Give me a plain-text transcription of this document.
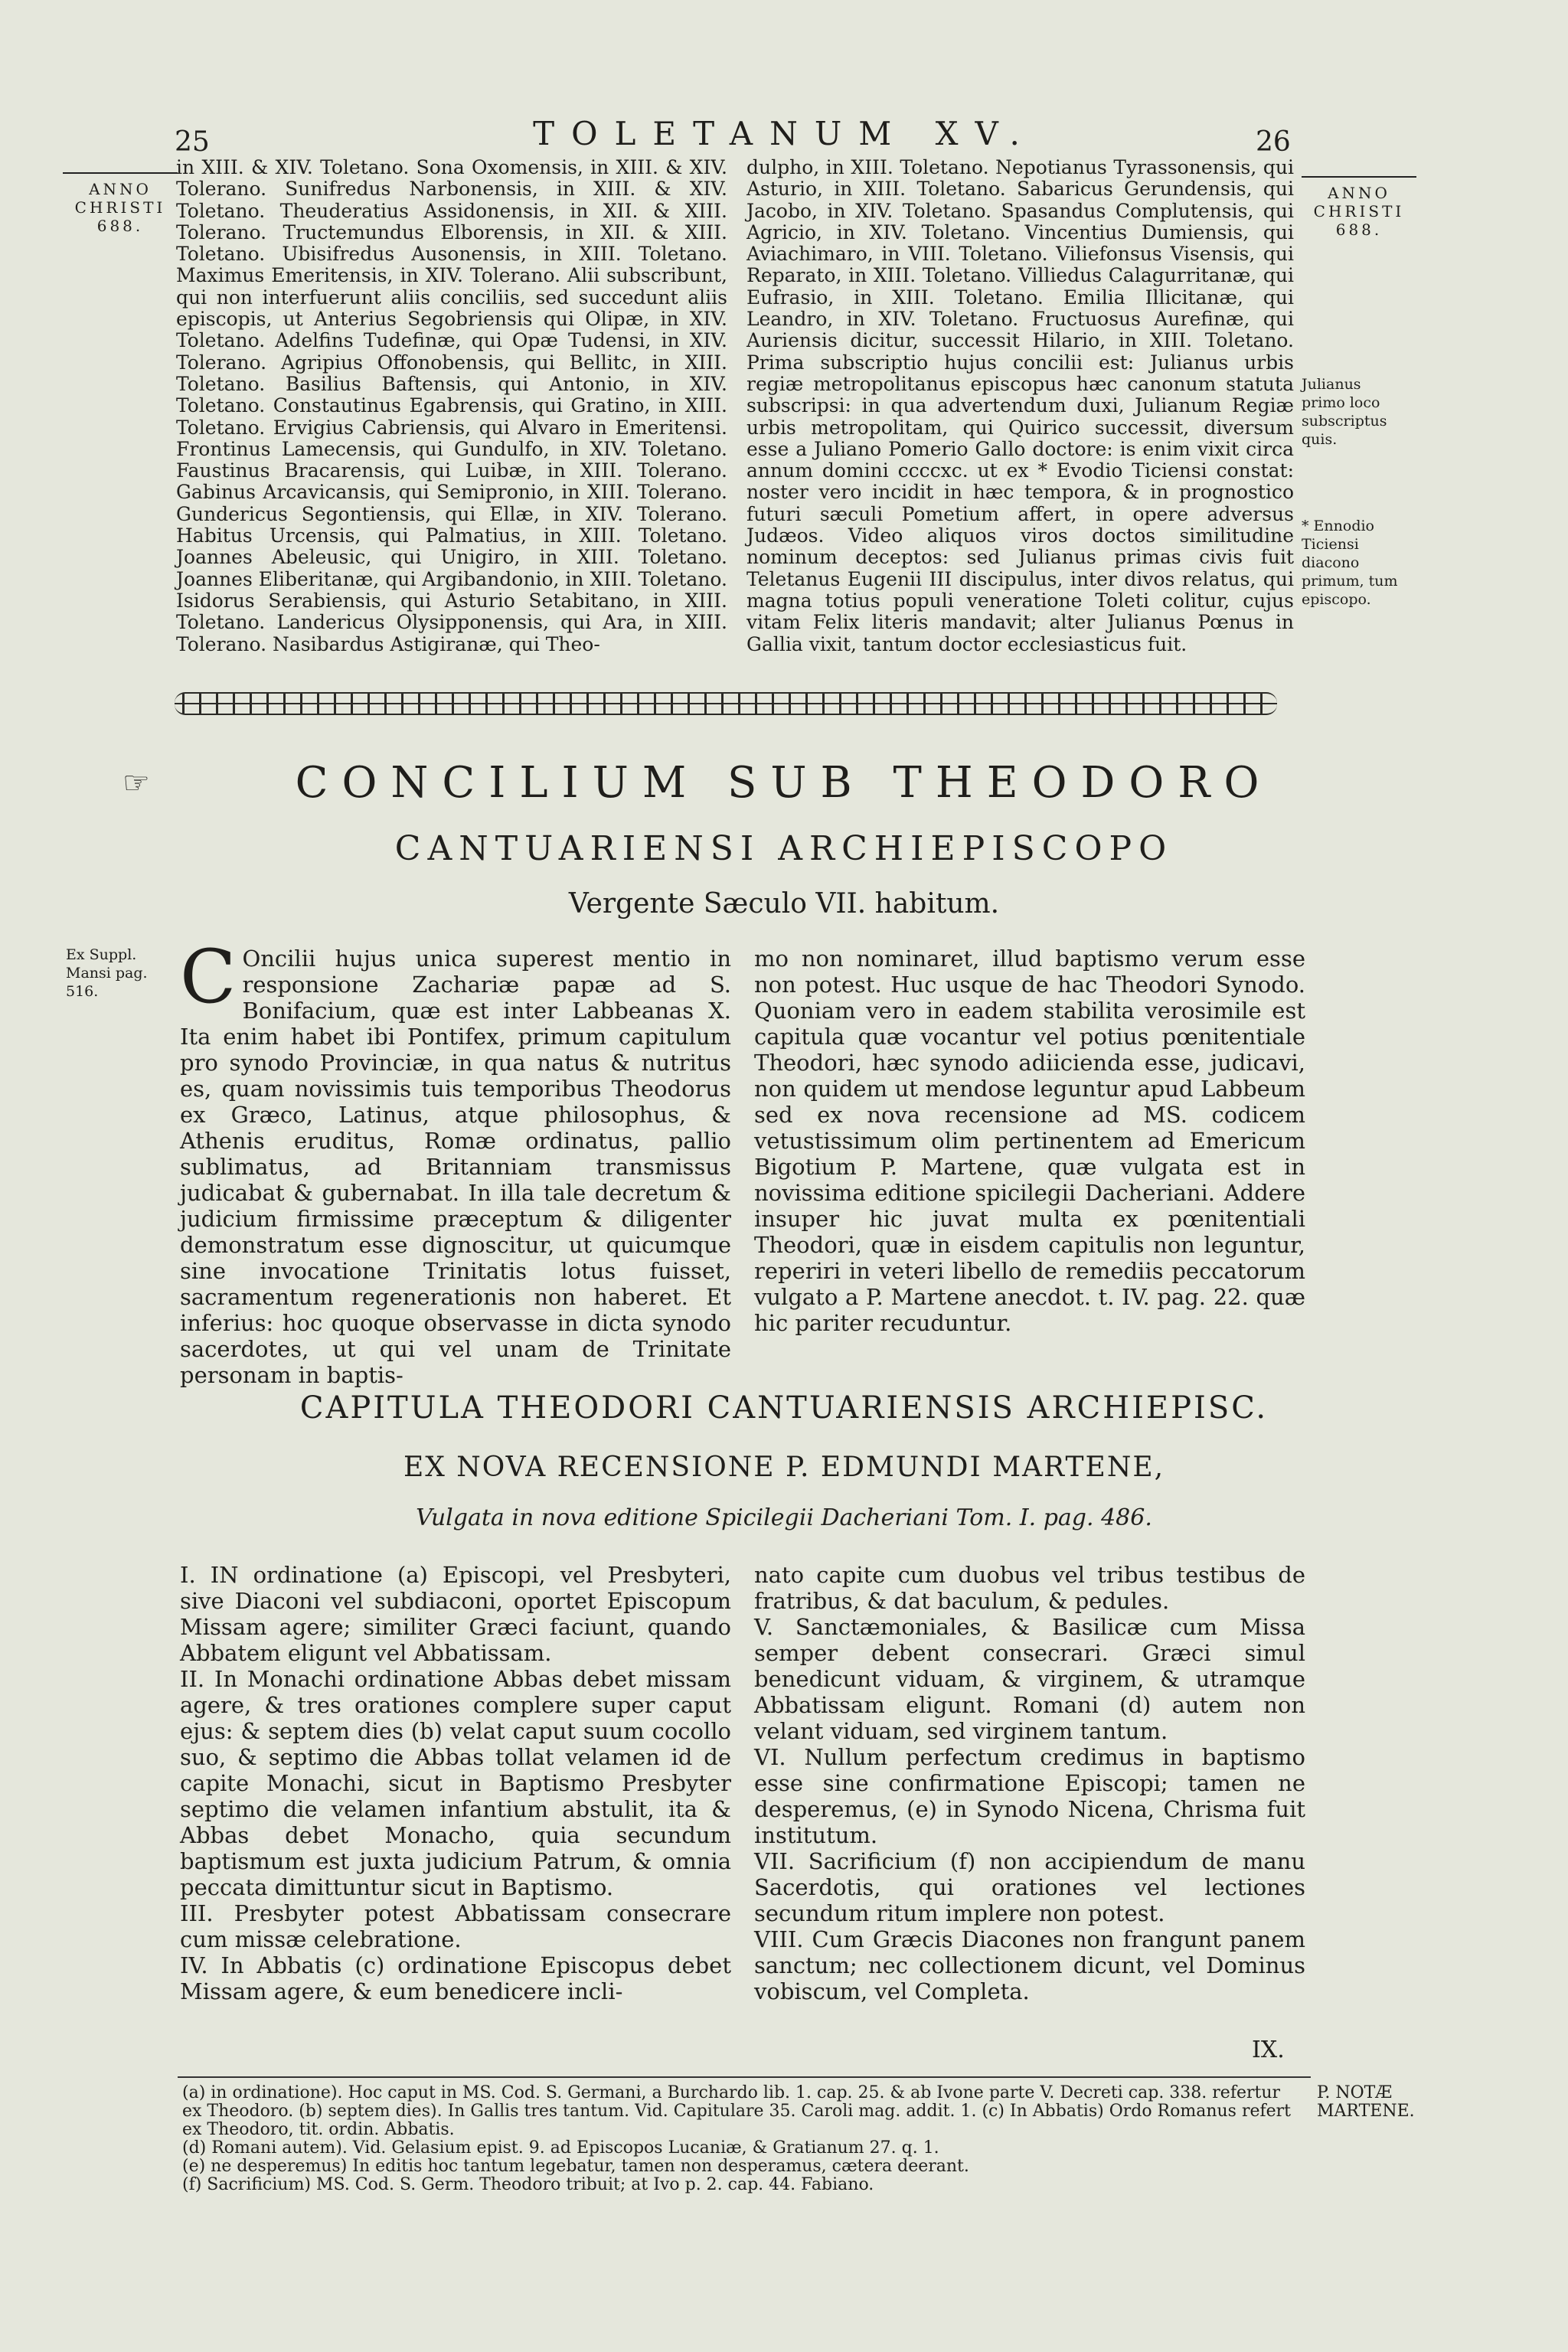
25	TOLETANUM XV.	26
ANNO
CHRISTI
688.
ANNO
CHRISTI
688.

in XIII. & XIV. Toletano. Sona Oxomensis, in XIII. & XIV. Tolerano. Sunifredus Narbonensis, in XIII. & XIV. Toletano. Theuderatius Assidonensis, in XII. & XIII. Tolerano. Tructemundus Elborensis, in XII. & XIII. Toletano. Ubisifredus Ausonensis, in XIII. Toletano. Maximus Emeritensis, in XIV. Tolerano. Alii subscribunt, qui non interfuerunt aliis conciliis, sed succedunt aliis episcopis, ut Anterius Segobriensis qui Olipæ, in XIV. Toletano. Adelfins Tudefinæ, qui Opæ Tudensi, in XIV. Tolerano. Agripius Offonobensis, qui Bellitc, in XIII. Toletano. Basilius Baftensis, qui Antonio, in XIV. Toletano. Constautinus Egabrensis, qui Gratino, in XIII. Toletano. Ervigius Cabriensis, qui Alvaro in Emeritensi. Frontinus Lamecensis, qui Gundulfo, in XIV. Toletano. Faustinus Bracarensis, qui Luibæ, in XIII. Tolerano. Gabinus Arcavicansis, qui Semipronio, in XIII. Tolerano. Gundericus Segontiensis, qui Ellæ, in XIV. Tolerano. Habitus Urcensis, qui Palmatius, in XIII. Toletano. Joannes Abeleusic, qui Unigiro, in XIII. Toletano. Joannes Eliberitanæ, qui Argibandonio, in XIII. Toletano. Isidorus Serabiensis, qui Asturio Setabitano, in XIII. Toletano. Landericus Olysipponensis, qui Ara, in XIII. Tolerano. Nasibardus Astigiranæ, qui Theo-

dulpho, in XIII. Toletano. Nepotianus Tyrassonensis, qui Asturio, in XIII. Toletano. Sabaricus Gerundensis, qui Jacobo, in XIV. Toletano. Spasandus Complutensis, qui Agricio, in XIV. Toletano. Vincentius Dumiensis, qui Aviachimaro, in VIII. Toletano. Viliefonsus Visensis, qui Reparato, in XIII. Toletano. Villiedus Calagurritanæ, qui Eufrasio, in XIII. Toletano. Emilia Illicitanæ, qui Leandro, in XIV. Toletano. Fructuosus Aurefinæ, qui Auriensis dicitur, successit Hilario, in XIII. Toletano. Prima subscriptio hujus concilii est: Julianus urbis regiæ metropolitanus episcopus hæc canonum statuta subscripsi: in qua advertendum duxi, Julianum Regiæ urbis metropolitam, qui Quirico successit, diversum esse a Juliano Pomerio Gallo doctore: is enim vixit circa annum domini ccccxc. ut ex * Evodio Ticiensi constat: noster vero incidit in hæc tempora, & in prognostico futuri sæculi Pometium affert, in opere adversus Judæos. Video aliquos viros doctos similitudine nominum deceptos: sed Julianus primas civis fuit Teletanus Eugenii III discipulus, inter divos relatus, qui magna totius populi veneratione Toleti colitur, cujus vitam Felix literis mandavit; alter Julianus Pœnus in Gallia vixit, tantum doctor ecclesiasticus fuit.

Julianus primo loco subscriptus quis.
* Ennodio Ticiensi diacono primum, tum episcopo.
☞	CONCILIUM SUB THEODORO
CANTUARIENSI ARCHIEPISCOPO
Vergente Sæculo VII. habitum.
Ex Suppl. Mansi pag. 516.	C Oncilii hujus unica superest mentio in responsione Zachariæ papæ ad S. Bonifacium, quæ est inter Labbeanas X. Ita enim habet ibi Pontifex, primum capitulum pro synodo Provinciæ, in qua natus & nutritus es, quam novissimis tuis temporibus Theodorus ex Græco, Latinus, atque philosophus, & Athenis eruditus, Romæ ordinatus, pallio sublimatus, ad Britanniam transmissus judicabat & gubernabat. In illa tale decretum & judicium firmissime præceptum & diligenter demonstratum esse dignoscitur, ut quicumque sine invocatione Trinitatis lotus fuisset, sacramentum regenerationis non haberet. Et inferius: hoc quoque observasse in dicta synodo sacerdotes, ut qui vel unam de Trinitate personam in baptis-

mo non nominaret, illud baptismo verum esse non potest. Huc usque de hac Theodori Synodo. Quoniam vero in eadem stabilita verosimile est capitula quæ vocantur vel potius pœnitentiale Theodori, hæc synodo adiicienda esse, judicavi, non quidem ut mendose leguntur apud Labbeum sed ex nova recensione ad MS. codicem vetustissimum olim pertinentem ad Emericum Bigotium P. Martene, quæ vulgata est in novissima editione spicilegii Dacheriani. Addere insuper hic juvat multa ex pœnitentiali Theodori, quæ in eisdem capitulis non leguntur, reperiri in veteri libello de remediis peccatorum vulgato a P. Martene anecdot. t. IV. pag. 22. quæ hic pariter recuduntur.

CAPITULA THEODORI CANTUARIENSIS ARCHIEPISC.
EX NOVA RECENSIONE P. EDMUNDI MARTENE,
Vulgata in nova editione Spicilegii Dacheriani Tom. I. pag. 486.

I. IN ordinatione (a) Episcopi, vel Presbyteri, sive Diaconi vel subdiaconi, oportet Episcopum Missam agere; similiter Græci faciunt, quando Abbatem eligunt vel Abbatissam.

II. In Monachi ordinatione Abbas debet missam agere, & tres orationes complere super caput ejus: & septem dies (b) velat caput suum cocollo suo, & septimo die Abbas tollat velamen id de capite Monachi, sicut in Baptismo Presbyter septimo die velamen infantium abstulit, ita & Abbas debet Monacho, quia secundum baptismum est juxta judicium Patrum, & omnia peccata dimittuntur sicut in Baptismo.

III. Presbyter potest Abbatissam consecrare cum missæ celebratione.

IV. In Abbatis (c) ordinatione Episcopus debet Missam agere, & eum benedicere incli-

nato capite cum duobus vel tribus testibus de fratribus, & dat baculum, & pedules.

V. Sanctæmoniales, & Basilicæ cum Missa semper debent consecrari. Græci simul benedicunt viduam, & virginem, & utramque Abbatissam eligunt. Romani (d) autem non velant viduam, sed virginem tantum.

VI. Nullum perfectum credimus in baptismo esse sine confirmatione Episcopi; tamen ne desperemus, (e) in Synodo Nicena, Chrisma fuit institutum.

VII. Sacrificium (f) non accipiendum de manu Sacerdotis, qui orationes vel lectiones secundum ritum implere non potest.

VIII. Cum Græcis Diacones non frangunt panem sanctum; nec collectionem dicunt, vel Dominus vobiscum, vel Completa.

IX.
(a) in ordinatione). Hoc caput in MS. Cod. S. Germani, a Burchardo lib. 1. cap. 25. & ab Ivone parte V. Decreti cap. 338. refertur ex Theodoro. (b) septem dies). In Gallis tres tantum. Vid. Capitulare 35. Caroli mag. addit. 1. (c) In Abbatis) Ordo Romanus refert ex Theodoro, tit. ordin. Abbatis.
(d) Romani autem). Vid. Gelasium epist. 9. ad Episcopos Lucaniæ, & Gratianum 27. q. 1.
(e) ne desperemus) In editis hoc tantum legebatur, tamen non desperamus, cætera deerant.
(f) Sacrificium) MS. Cod. S. Germ. Theodoro tribuit; at Ivo p. 2. cap. 44. Fabiano.
P. NOTÆ
MARTENE.
